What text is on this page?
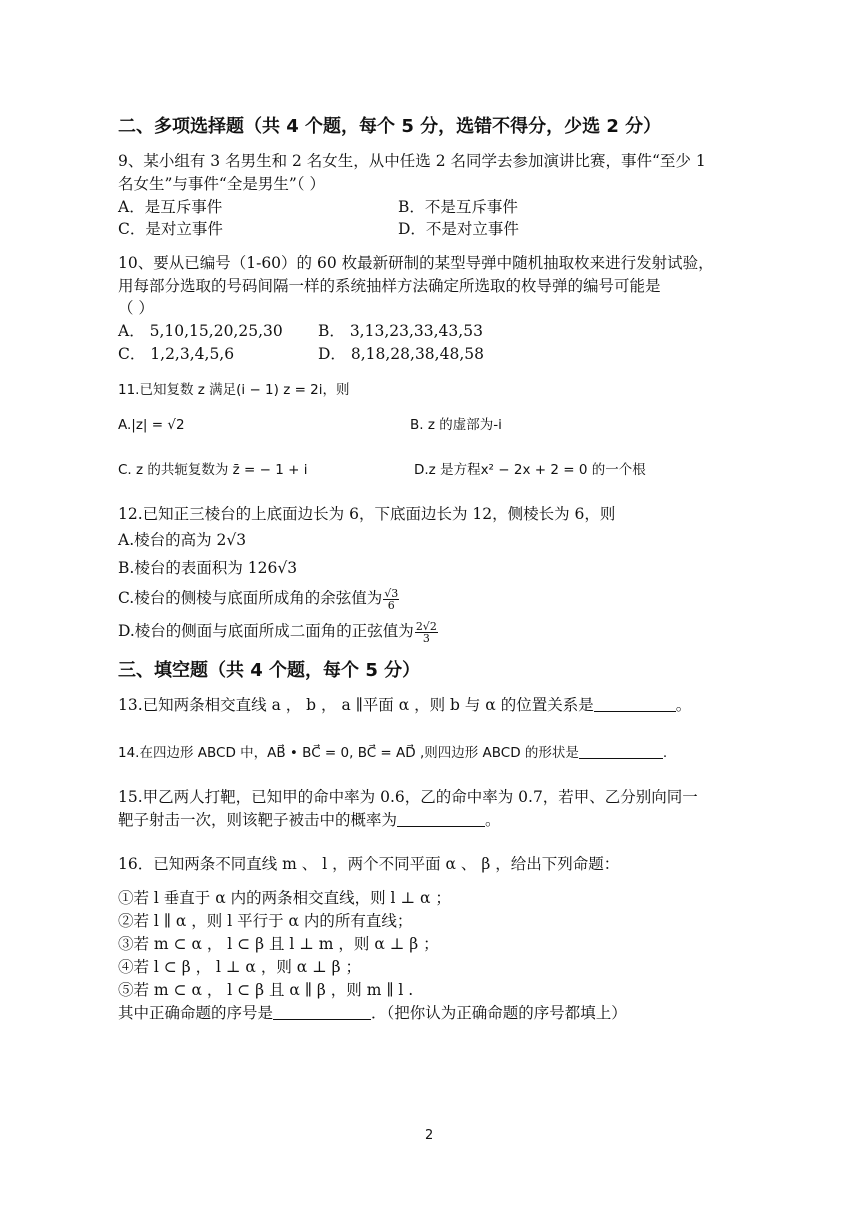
二、多项选择题（共 4 个题，每个 5 分，选错不得分，少选 2 分）
9、某小组有 3 名男生和 2 名女生，从中任选 2 名同学去参加演讲比赛，事件“至少 1
名女生”与事件“全是男生”（ ）
A．是互斥事件	B．不是互斥事件
C．是对立事件	D．不是对立事件
10、要从已编号（1-60）的 60 枚最新研制的某型导弹中随机抽取枚来进行发射试验，
用每部分选取的号码间隔一样的系统抽样方法确定所选取的枚导弹的编号可能是
（ ）
A． 5,10,15,20,25,30 B． 3,13,23,33,43,53
C． 1,2,3,4,5,6	D． 8,18,28,38,48,58
11.已知复数 z 满足(i − 1) z = 2i，则
A.|z| = √2	B. z 的虚部为-i
C. z 的共轭复数为 z̄ = − 1 + i	D.z 是方程x² − 2x + 2 = 0 的一个根
12.已知正三棱台的上底面边长为 6，下底面边长为 12，侧棱长为 6，则
A.棱台的高为 2√3
B.棱台的表面积为 126√3
C.棱台的侧棱与底面所成角的余弦值为 $\frac{√3}{6}$
D.棱台的侧面与底面所成二面角的正弦值为 $\frac{2√2}{3}$
三、填空题（共 4 个题，每个 5 分）
13.已知两条相交直线 a ， b ， a ∥平面 α ，则 b 与 α 的位置关系是	。
14.在四边形 ABCD 中，AB⃗ • BC⃗ = 0, BC⃗ = AD⃗ ,则四边形 ABCD 的形状是	.
15.甲乙两人打靶，已知甲的命中率为 0.6，乙的命中率为 0.7，若甲、乙分别向同一
靶子射击一次，则该靶子被击中的概率为	。
16．已知两条不同直线 m 、 l ，两个不同平面 α 、 β ，给出下列命题：
①若 l 垂直于 α 内的两条相交直线，则 l ⊥ α ；
②若 l ∥ α ，则 l 平行于 α 内的所有直线；
③若 m ⊂ α ， l ⊂ β 且 l ⊥ m ，则 α ⊥ β ；
④若 l ⊂ β ， l ⊥ α ，则 α ⊥ β ；
⑤若 m ⊂ α ， l ⊂ β 且 α ∥ β ，则 m ∥ l .
其中正确命题的序号是	．（把你认为正确命题的序号都填上）
2
